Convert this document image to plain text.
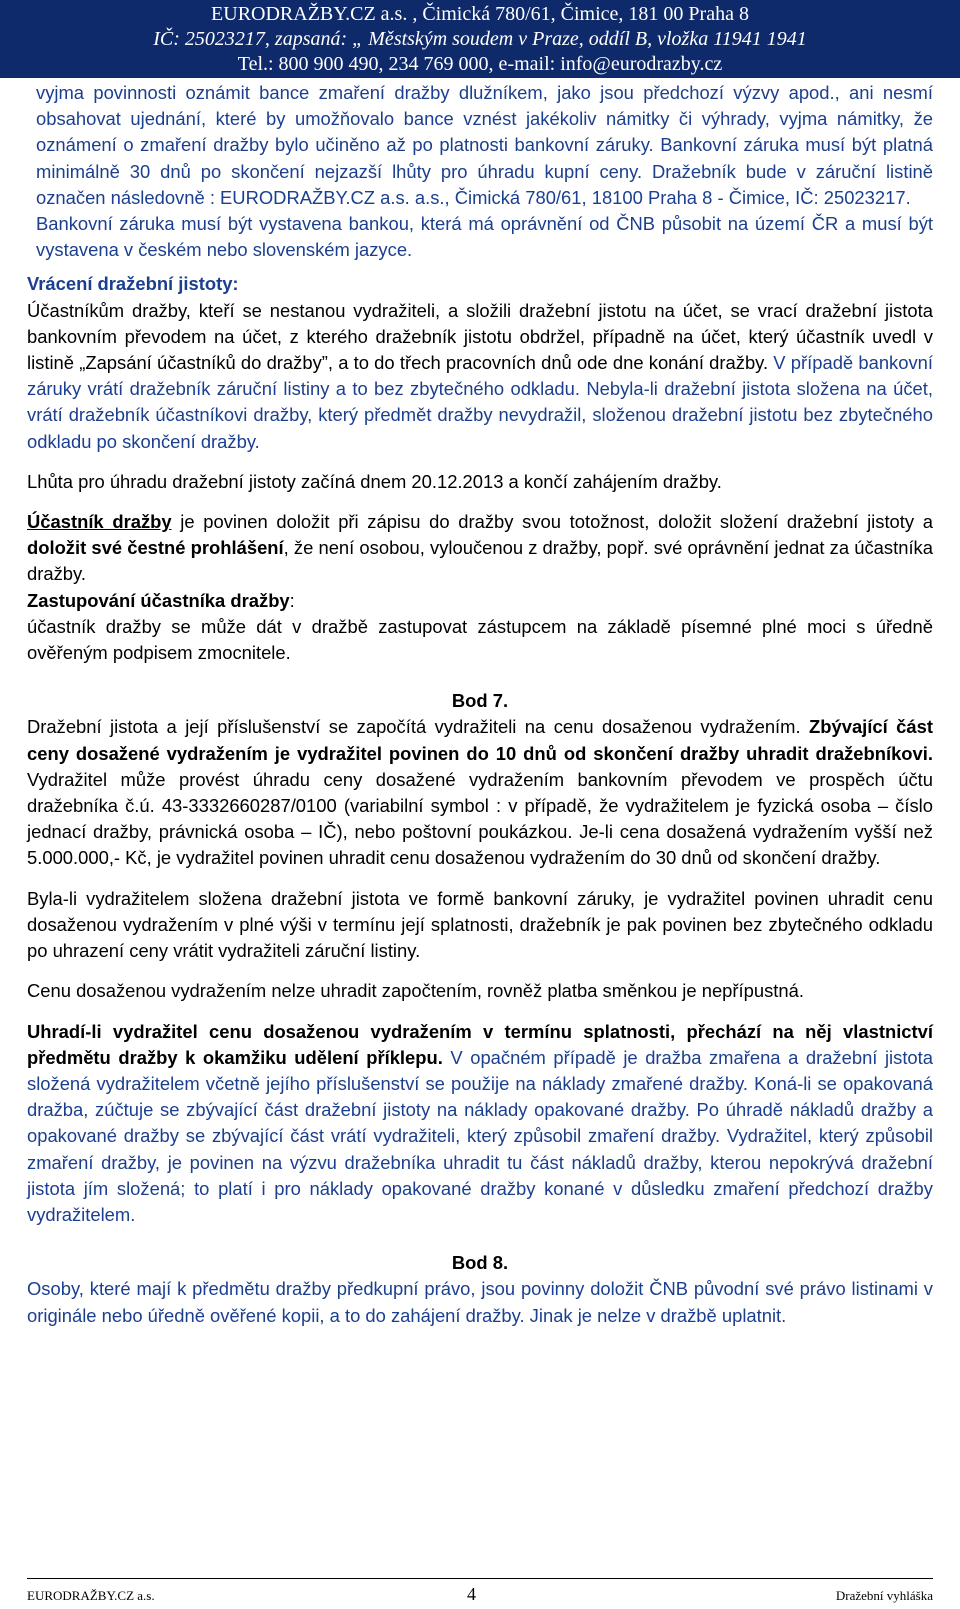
EURODRAŽBY.CZ a.s. , Čimická 780/61, Čimice, 181 00 Praha 8
IČ: 25023217, zapsaná: „ Městským soudem v Praze, oddíl B, vložka 11941 1941
Tel.: 800 900 490, 234 769 000, e-mail: info@eurodrazby.cz

vyjma povinnosti oznámit bance zmaření dražby dlužníkem, jako jsou předchozí výzvy apod., ani nesmí obsahovat ujednání, které by umožňovalo bance vznést jakékoliv námitky či výhrady, vyjma námitky, že oznámení o zmaření dražby bylo učiněno až po platnosti bankovní záruky. Bankovní záruka musí být platná minimálně 30 dnů po skončení nejzazší lhůty pro úhradu kupní ceny. Dražebník bude v záruční listině označen následovně : EURODRAŽBY.CZ a.s. a.s., Čimická 780/61, 18100 Praha 8 - Čimice, IČ: 25023217.

Bankovní záruka musí být vystavena bankou, která má oprávnění od ČNB působit na území ČR a musí být vystavena v českém nebo slovenském jazyce.

Vrácení dražební jistoty:

Účastníkům dražby, kteří se nestanou vydražiteli, a složili dražební jistotu na účet, se vrací dražební jistota bankovním převodem na účet, z kterého dražebník jistotu obdržel, případně na účet, který účastník uvedl v listině „Zapsání účastníků do dražby”, a to do třech pracovních dnů ode dne konání dražby. V případě bankovní záruky vrátí dražebník záruční listiny a to bez zbytečného odkladu. Nebyla-li dražební jistota složena na účet, vrátí dražebník účastníkovi dražby, který předmět dražby nevydražil, složenou dražební jistotu bez zbytečného odkladu po skončení dražby.

Lhůta pro úhradu dražební jistoty začíná dnem 20.12.2013 a končí zahájením dražby.

Účastník dražby je povinen doložit při zápisu do dražby svou totožnost, doložit složení dražební jistoty a doložit své čestné prohlášení, že není osobou, vyloučenou z dražby, popř. své oprávnění jednat za účastníka dražby.

Zastupování účastníka dražby:

účastník dražby se může dát v dražbě zastupovat zástupcem na základě písemné plné moci s úředně ověřeným podpisem zmocnitele.

Bod 7.

Dražební jistota a její příslušenství se započítá vydražiteli na cenu dosaženou vydražením. Zbývající část ceny dosažené vydražením je vydražitel povinen do 10 dnů od skončení dražby uhradit dražebníkovi. Vydražitel může provést úhradu ceny dosažené vydražením bankovním převodem ve prospěch účtu dražebníka č.ú. 43-3332660287/0100 (variabilní symbol : v případě, že vydražitelem je fyzická osoba – číslo jednací dražby, právnická osoba – IČ), nebo poštovní poukázkou. Je-li cena dosažená vydražením vyšší než 5.000.000,- Kč, je vydražitel povinen uhradit cenu dosaženou vydražením do 30 dnů od skončení dražby.

Byla-li vydražitelem složena dražební jistota ve formě bankovní záruky, je vydražitel povinen uhradit cenu dosaženou vydražením v plné výši v termínu její splatnosti, dražebník je pak povinen bez zbytečného odkladu po uhrazení ceny vrátit vydražiteli záruční listiny.

Cenu dosaženou vydražením nelze uhradit započtením, rovněž platba směnkou je nepřípustná.

Uhradí-li vydražitel cenu dosaženou vydražením v termínu splatnosti, přechází na něj vlastnictví předmětu dražby k okamžiku udělení příklepu. V opačném případě je dražba zmařena a dražební jistota složená vydražitelem včetně jejího příslušenství se použije na náklady zmařené dražby. Koná-li se opakovaná dražba, zúčtuje se zbývající část dražební jistoty na náklady opakované dražby. Po úhradě nákladů dražby a opakované dražby se zbývající část vrátí vydražiteli, který způsobil zmaření dražby. Vydražitel, který způsobil zmaření dražby, je povinen na výzvu dražebníka uhradit tu část nákladů dražby, kterou nepokrývá dražební jistota jím složená; to platí i pro náklady opakované dražby konané v důsledku zmaření předchozí dražby vydražitelem.

Bod 8.

Osoby, které mají k předmětu dražby předkupní právo, jsou povinny doložit ČNB původní své právo listinami v originále nebo úředně ověřené kopii, a to do zahájení dražby. Jinak je nelze v dražbě uplatnit.

EURODRAŽBY.CZ a.s.	4	Dražební vyhláška
